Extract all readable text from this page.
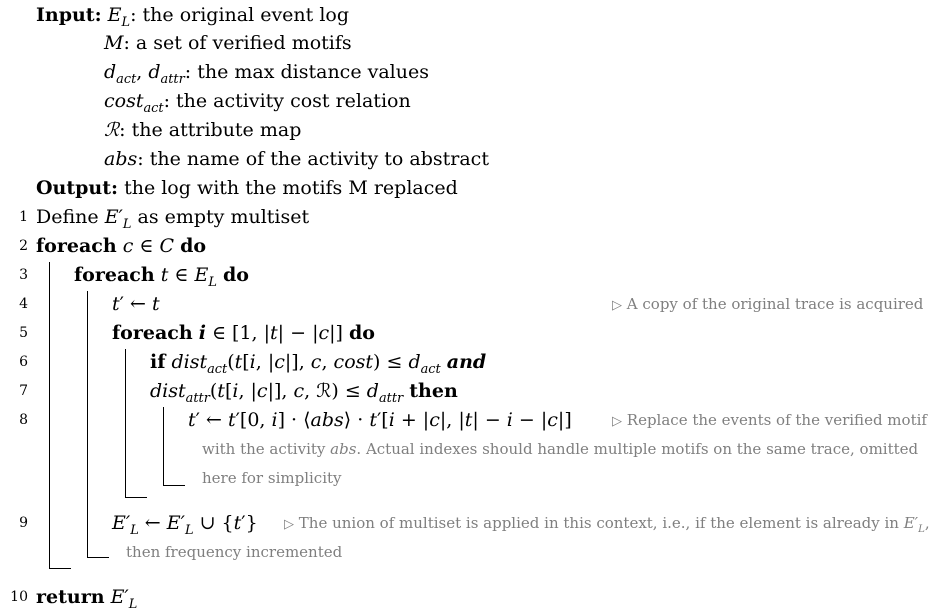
Input: $E_L$: the original event log
M: a set of verified motifs
$d_{act}$, $d_{attr}$: the max distance values
cost$_{act}$: the activity cost relation
ℛ: the attribute map
abs: the name of the activity to abstract
Output: the log with the motifs M replaced
1
2
3
4
5
6
7
8
9
10
Define $E'_L$ as empty multiset
foreach c ∈ C do
foreach t ∈ $E_L$ do
t′ ← t	▷ A copy of the original trace is acquired
foreach i ∈ [1, |t| − |c|] do
if dist$_{act}$(t[i, |c|], c, $\cos t) \le d_{act}$ and
dist$_{attr}$(t[i, |c|], c, ℛ) ≤ $d_{attr}$ then
t′ ← t′[0, i] · ⟨abs⟩ · t′[i + |c|, |t| − i − |c|]	▷ Replace the events of the verified motif
with the activity abs. Actual indexes should handle multiple motifs on the same trace, omitted
here for simplicity
$E'_L$ ← $E'_L$ ∪ {t′} ▷ The union of multiset is applied in this context, i.e., if the element is already in $E'_L$,
then frequency incremented
return $E'_L$
